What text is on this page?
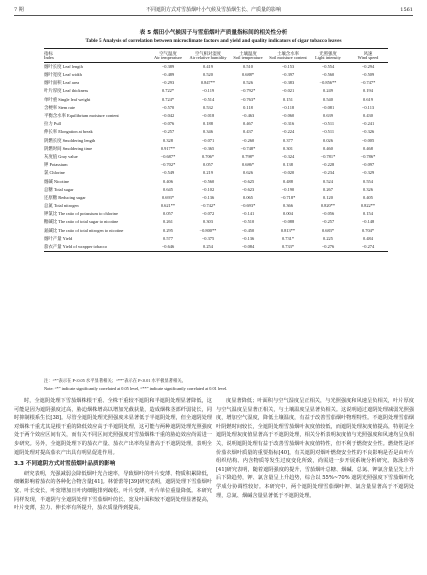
7 期	不同遮阴方式对雪茄烟叶小气候及雪茄烟生长、产质量的影响	1561
表 5 烟田小气候因子与雪茄烟叶产质量指标间的相关性分析
Table 5 Analysis of correlation between microclimate factors and yield and quality indicators of cigar tobacco leaves
指标	空气温度	空气相对湿度	土壤温度	土壤含水率	光照强度	风速
Index	Air temperature	Air relative humidity	Soil temperature	Soil moisture content	Light intensity	Wind speed
烟叶长度 Leaf length	−0.389	0.419	0.510	−0.153	−0.554	−0.294
烟叶宽度 Leaf width	−0.489	0.520	0.688*	−0.397	−0.560	−0.509
烟叶面积 Leaf area	−0.293	0.847**	0.526	−0.383	−0.856**	−0.747*
叶片厚度 Leaf thickness	0.722*	−0.119	−0.792*	−0.021	0.249	0.194
单叶重 Single leaf weight	0.724*	−0.514	−0.763*	0.151	0.540	0.619
含梗率 Stem rate	−0.570	0.532	0.118	−0.118	−0.081	−0.113
平衡含水率 Equilibrium moisture content	−0.042	−0.018	−0.463	−0.060	0.639	0.430
拉力 Pull	−0.076	0.188	0.467	−0.316	−0.511	−0.241
伸长率 Elongation at break	−0.257	0.346	0.437	−0.224	−0.511	−0.326
阴燃长度 Smoldering length	0.328	−0.071	−0.260	0.377	0.026	−0.005
阴燃时间 Smoldering time	0.917**	−0.365	−0.748*	0.301	0.460	0.468
灰度值 Gray value	−0.687*	0.706*	0.798*	−0.324	−0.781*	−0.786*
钾 Potassium	−0.702*	0.057	0.686*	0.138	−0.228	−0.097
氯 Chlorine	−0.549	0.219	0.626	−0.020	−0.234	−0.329
烟碱 Nicotine	0.406	−0.560	−0.625	0.488	0.524	0.554
总糖 Total sugar	0.645	−0.102	−0.623	−0.190	0.267	0.326
还原糖 Reducing sugar	0.693*	−0.136	0.065	−0.718*	0.120	0.405
总氮 Total nitrogen	0.621**	−0.742*	−0.693*	0.366	0.820**	0.822**
钾氯比 The ratio of potassium to chlorine	0.057	−0.072	−0.141	0.004	−0.056	0.154
糖碱比 The ratio of total sugar to nicotine	0.261	0.303	−0.510	−0.088	−0.257	−0.148
氮碱比 The ratio of total nitrogen to nicotine	0.295	−0.800**	−0.450	0.813**	0.683*	0.704*
烟叶产量 Yield	0.577	−0.375	−0.136	0.731*	0.225	0.484
茄衣产量 Yield of wrapper tobacco	−0.646	0.254	−0.084	0.733*	−0.276	−0.274
注：“*”表示在 P<0.05 水平显著相关；“**”表示在 P<0.01 水平极显著相关。
Note: “*” indicate significantly correlated at 0.05 level, “**” indicate significantly correlated at 0.01 level.

时，全遮阴处理下雪茄烟株根干重、全株干重较不遮阴和半遮阴处理显著降低，这可能是因为遮阴强度过高，胁迫烟株增高以增加光截获量，造成烟株茎部纤弱徒长，同时抑制根系生长[38]。尽管全遮阴处理光照强度未显著低于半遮阴处理，但全遮阴处理对烟株干重尤其是根干重的降低效应高于半遮阴处理，这可能与两种遮阴处理光照强度处于两个效应区间有关，而有关不同区间光照强度对雪茄烟株干重的胁迫效应尚需进一步研究。另外，全遮阴处理下的茄衣产量、茄衣产出率均显著高于不遮阴处理，表明全遮阴处理对提高茄衣产出具有明显促进作用。

3.3 不同遮阴方式对雪茄烟叶品质的影响

研究表明，光强减弱会降低烟叶光合速率，导致烟叶的叶片变薄、物质积累降低，细嫩影响着茄衣的各种化合物含量[41]。林蕾蕾等[39]研究表明，遮阴处理下雪茄烟叶宽、叶长变长，叶宽增加且叶肉细胞排列疏松，叶片变薄，叶片单位重量降低。本研究同样发现，半遮阴与全遮阴处理下雪茄烟叶的长、宽及叶面积较不遮阴处理显著提高，叶片变薄，拉力、伸长率有所提升，茄衣质量得到提高。

度显著降低；叶面积与空气湿度呈正相关，与光照强度和风速呈负相关，叶片厚度与空气温度呈显著正相关，与土壤温度呈显著负相关。这说明通过遮阴处理减弱光照强度，增加空气湿度，降低土壤温度，有益于改善雪茄烟叶物理特性。不遮阴处理雪茄烟叶阴燃时间较长，全遮阴处理雪茄烟叶灰度值较低，而遮阴处理灰度值提高，特别是全遮阴处理灰度值显著高于不遮阴处理，相关分析表明灰度值与光照强度和风速均呈负相关，说明遮阴处理有益于改善雪茄烟叶灰度值特性，但不利于燃烧安全性。燃烧性是评价茄衣烟叶质量的重要指标[40]，有关遮阴对烟叶燃烧安全性的不良影响是否是由叶片组织结构、内含物质等发生过度变化所致，尚需进一步开展系统分析研究。陈泳珍等[41]研究表明，随着遮阴强度的提升，雪茄烟叶总糖、烟碱、总氮、钾氯含量呈先上升后下降趋势，钾、氯含量呈上升趋势，综合以 55%~70% 遮阴光照强度下雪茄烟叶化学成分协调性较好。本研究中，两个遮阴处理雪茄烟叶钾、氯含量显著高于不遮阴处理，总氮、烟碱含量显著低于不遮阴处理。
